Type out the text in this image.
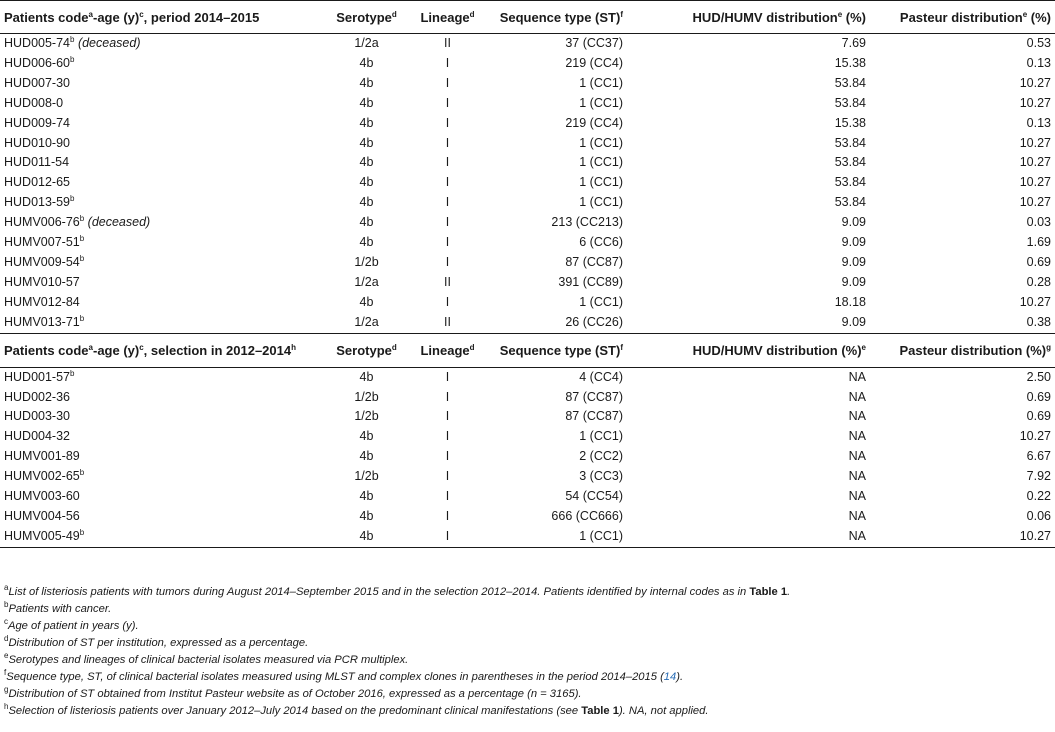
Patients code$^a$-age $(y)^c$, period 2014–2015	Serotype$^d$	Lineage$^d$	Sequence type (ST)$^f$	HUD/HUMV distribution$^e$ (%)	Pasteur distribution$^e$ (%)
HUD005-74$^b$ (deceased)	1/2a	II	37 (CC37)	7.69	0.53
HUD006-60$^b$	4b	I	219 (CC4)	15.38	0.13
HUD007-30	4b	I	1 (CC1)	53.84	10.27
HUD008-0	4b	I	1 (CC1)	53.84	10.27
HUD009-74	4b	I	219 (CC4)	15.38	0.13
HUD010-90	4b	I	1 (CC1)	53.84	10.27
HUD011-54	4b	I	1 (CC1)	53.84	10.27
HUD012-65	4b	I	1 (CC1)	53.84	10.27
HUD013-59$^b$	4b	I	1 (CC1)	53.84	10.27
HUMV006-76$^b$ (deceased)	4b	I	213 (CC213)	9.09	0.03
HUMV007-51$^b$	4b	I	6 (CC6)	9.09	1.69
HUMV009-54$^b$	1/2b	I	87 (CC87)	9.09	0.69
HUMV010-57	1/2a	II	391 (CC89)	9.09	0.28
HUMV012-84	4b	I	1 (CC1)	18.18	10.27
HUMV013-71$^b$	1/2a	II	26 (CC26)	9.09	0.38
Patients code$^a$-age $(y)^c$, selection in 2012–2014$^h$	Serotype$^d$	Lineage$^d$	Sequence type (ST)$^f$	HUD/HUMV distribution (%)$^e$	Pasteur distribution (%)$^g$
HUD001-57$^b$	4b	I	4 (CC4)	NA	2.50
HUD002-36	1/2b	I	87 (CC87)	NA	0.69
HUD003-30	1/2b	I	87 (CC87)	NA	0.69
HUD004-32	4b	I	1 (CC1)	NA	10.27
HUMV001-89	4b	I	2 (CC2)	NA	6.67
HUMV002-65$^b$	1/2b	I	3 (CC3)	NA	7.92
HUMV003-60	4b	I	54 (CC54)	NA	0.22
HUMV004-56	4b	I	666 (CC666)	NA	0.06
HUMV005-49$^b$	4b	I	1 (CC1)	NA	10.27
$^a$List of listeriosis patients with tumors during August 2014–September 2015 and in the selection 2012–2014. Patients identified by internal codes as in Table 1.
$^b$Patients with cancer.
$^c$Age of patient in years (y).
$^d$Distribution of ST per institution, expressed as a percentage.
$^e$Serotypes and lineages of clinical bacterial isolates measured via PCR multiplex.
$^f$Sequence type, ST, of clinical bacterial isolates measured using MLST and complex clones in parentheses in the period 2014–2015 (14).
$^g$Distribution of ST obtained from Institut Pasteur website as of October 2016, expressed as a percentage (n = 3165).
$^h$Selection of listeriosis patients over January 2012–July 2014 based on the predominant clinical manifestations (see Table 1). NA, not applied.
